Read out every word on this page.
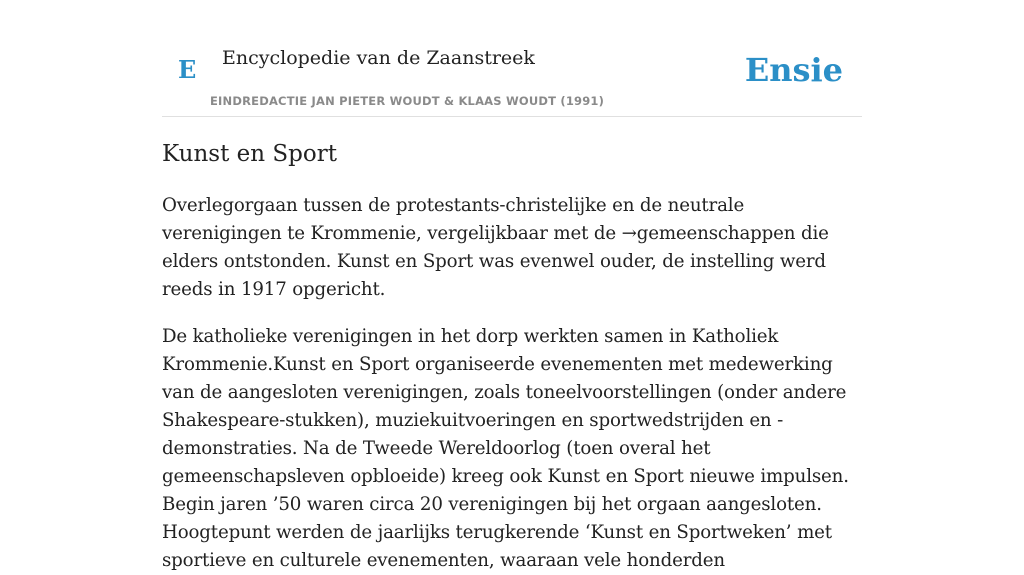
E Encyclopedie van de Zaanstreek
EINDREDACTIE JAN PIETER WOUDT & KLAAS WOUDT (1991)
Ensie
Kunst en Sport

Overlegorgaan tussen de protestants-christelijke en de neutrale verenigingen te Krommenie, vergelijkbaar met de →gemeenschappen die elders ontstonden. Kunst en Sport was evenwel ouder, de instelling werd reeds in 1917 opgericht.

De katholieke verenigingen in het dorp werkten samen in Katholiek Krommenie.Kunst en Sport organiseerde evenementen met medewerking van de aangesloten verenigingen, zoals toneelvoorstellingen (onder andere Shakespeare-stukken), muziekuitvoeringen en sportwedstrijden en -demonstraties. Na de Tweede Wereldoorlog (toen overal het gemeenschapsleven opbloeide) kreeg ook Kunst en Sport nieuwe impulsen. Begin jaren ’50 waren circa 20 verenigingen bij het orgaan aangesloten. Hoogtepunt werden de jaarlijks terugkerende ‘Kunst en Sportweken’ met sportieve en culturele evenementen, waaraan vele honderden
